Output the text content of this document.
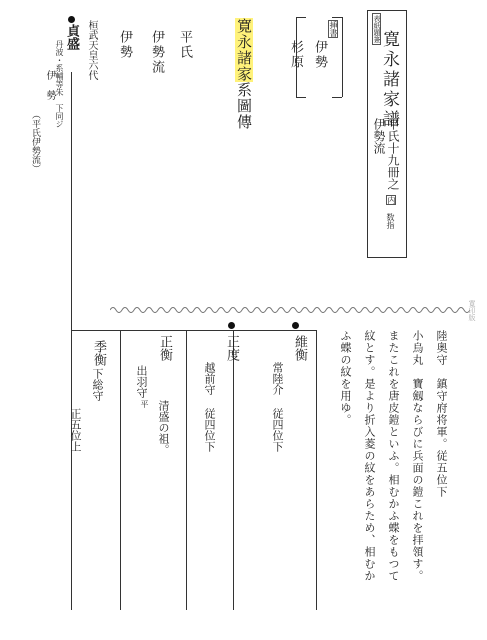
表紙題簽
寛永諸家譜
平氏十九冊之
内
数指
伊勢流
挿書
伊勢
杉原
寛永諸家系圖傳
平氏
伊勢流
伊勢
桓武天皇六代
貞盛
丹波・系輔等朱　下同ジ
伊　勢
（平氏伊勢流）
維衡
常陸介
従四位下
正度
越前守
従四位下
正衡
出羽守
清盛の祖。
平
季衡
下総守
正五位上	陸奥守　鎮守府将軍。従五位下
小烏丸　寶劔ならびに兵面の鎧これを拝領す。
またこれを唐皮鎧といふ。相むかふ蝶をもつて
紋とす。是より折入菱の紋をあらため、相むか
ふ蝶の紋を用ゆ。
寛印版
